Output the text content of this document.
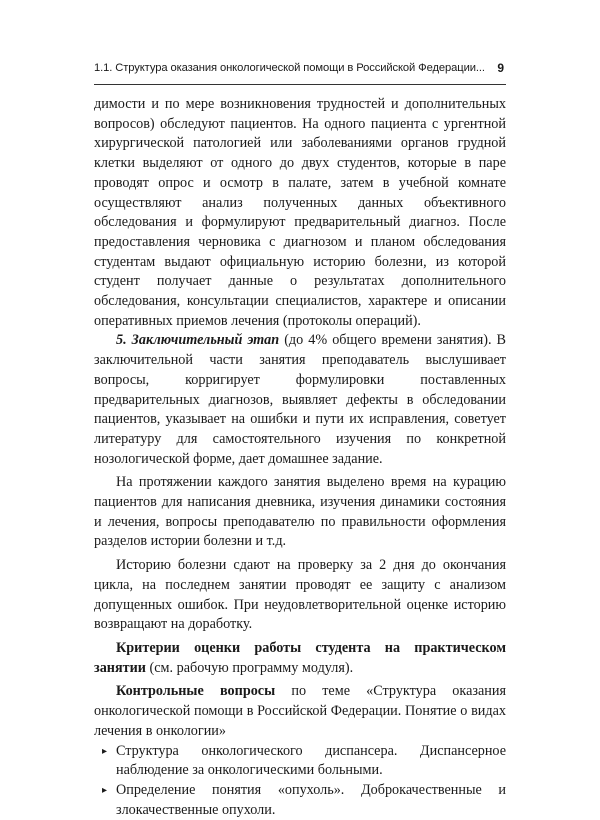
1.1. Структура оказания онкологической помощи в Российской Федерации... 9

димости и по мере возникновения трудностей и дополнительных вопросов) обследуют пациентов. На одного пациента с ургентной хирургической патологией или заболеваниями органов грудной клетки выделяют от одного до двух студентов, которые в паре проводят опрос и осмотр в палате, затем в учебной комнате осуществляют анализ полученных данных объективного обследования и формулируют предварительный диагноз. После предоставления черновика с диагнозом и планом обследования студентам выдают официальную историю болезни, из которой студент получает данные о результатах дополнительного обследования, консультации специалистов, характере и описании оперативных приемов лечения (протоколы операций).

5. Заключительный этап (до 4% общего времени занятия). В заключительной части занятия преподаватель выслушивает вопросы, корригирует формулировки поставленных предварительных диагнозов, выявляет дефекты в обследовании пациентов, указывает на ошибки и пути их исправления, советует литературу для самостоятельного изучения по конкретной нозологической форме, дает домашнее задание.

На протяжении каждого занятия выделено время на курацию пациентов для написания дневника, изучения динамики состояния и лечения, вопросы преподавателю по правильности оформления разделов истории болезни и т.д.

Историю болезни сдают на проверку за 2 дня до окончания цикла, на последнем занятии проводят ее защиту с анализом допущенных ошибок. При неудовлетворительной оценке историю возвращают на доработку.

Критерии оценки работы студента на практическом занятии (см. рабочую программу модуля).

Контрольные вопросы по теме «Структура оказания онкологической помощи в Российской Федерации. Понятие о видах лечения в онкологии»

▸ Структура онкологического диспансера. Диспансерное наблюдение за онкологическими больными.
▸ Определение понятия «опухоль». Доброкачественные и злокачественные опухоли.
